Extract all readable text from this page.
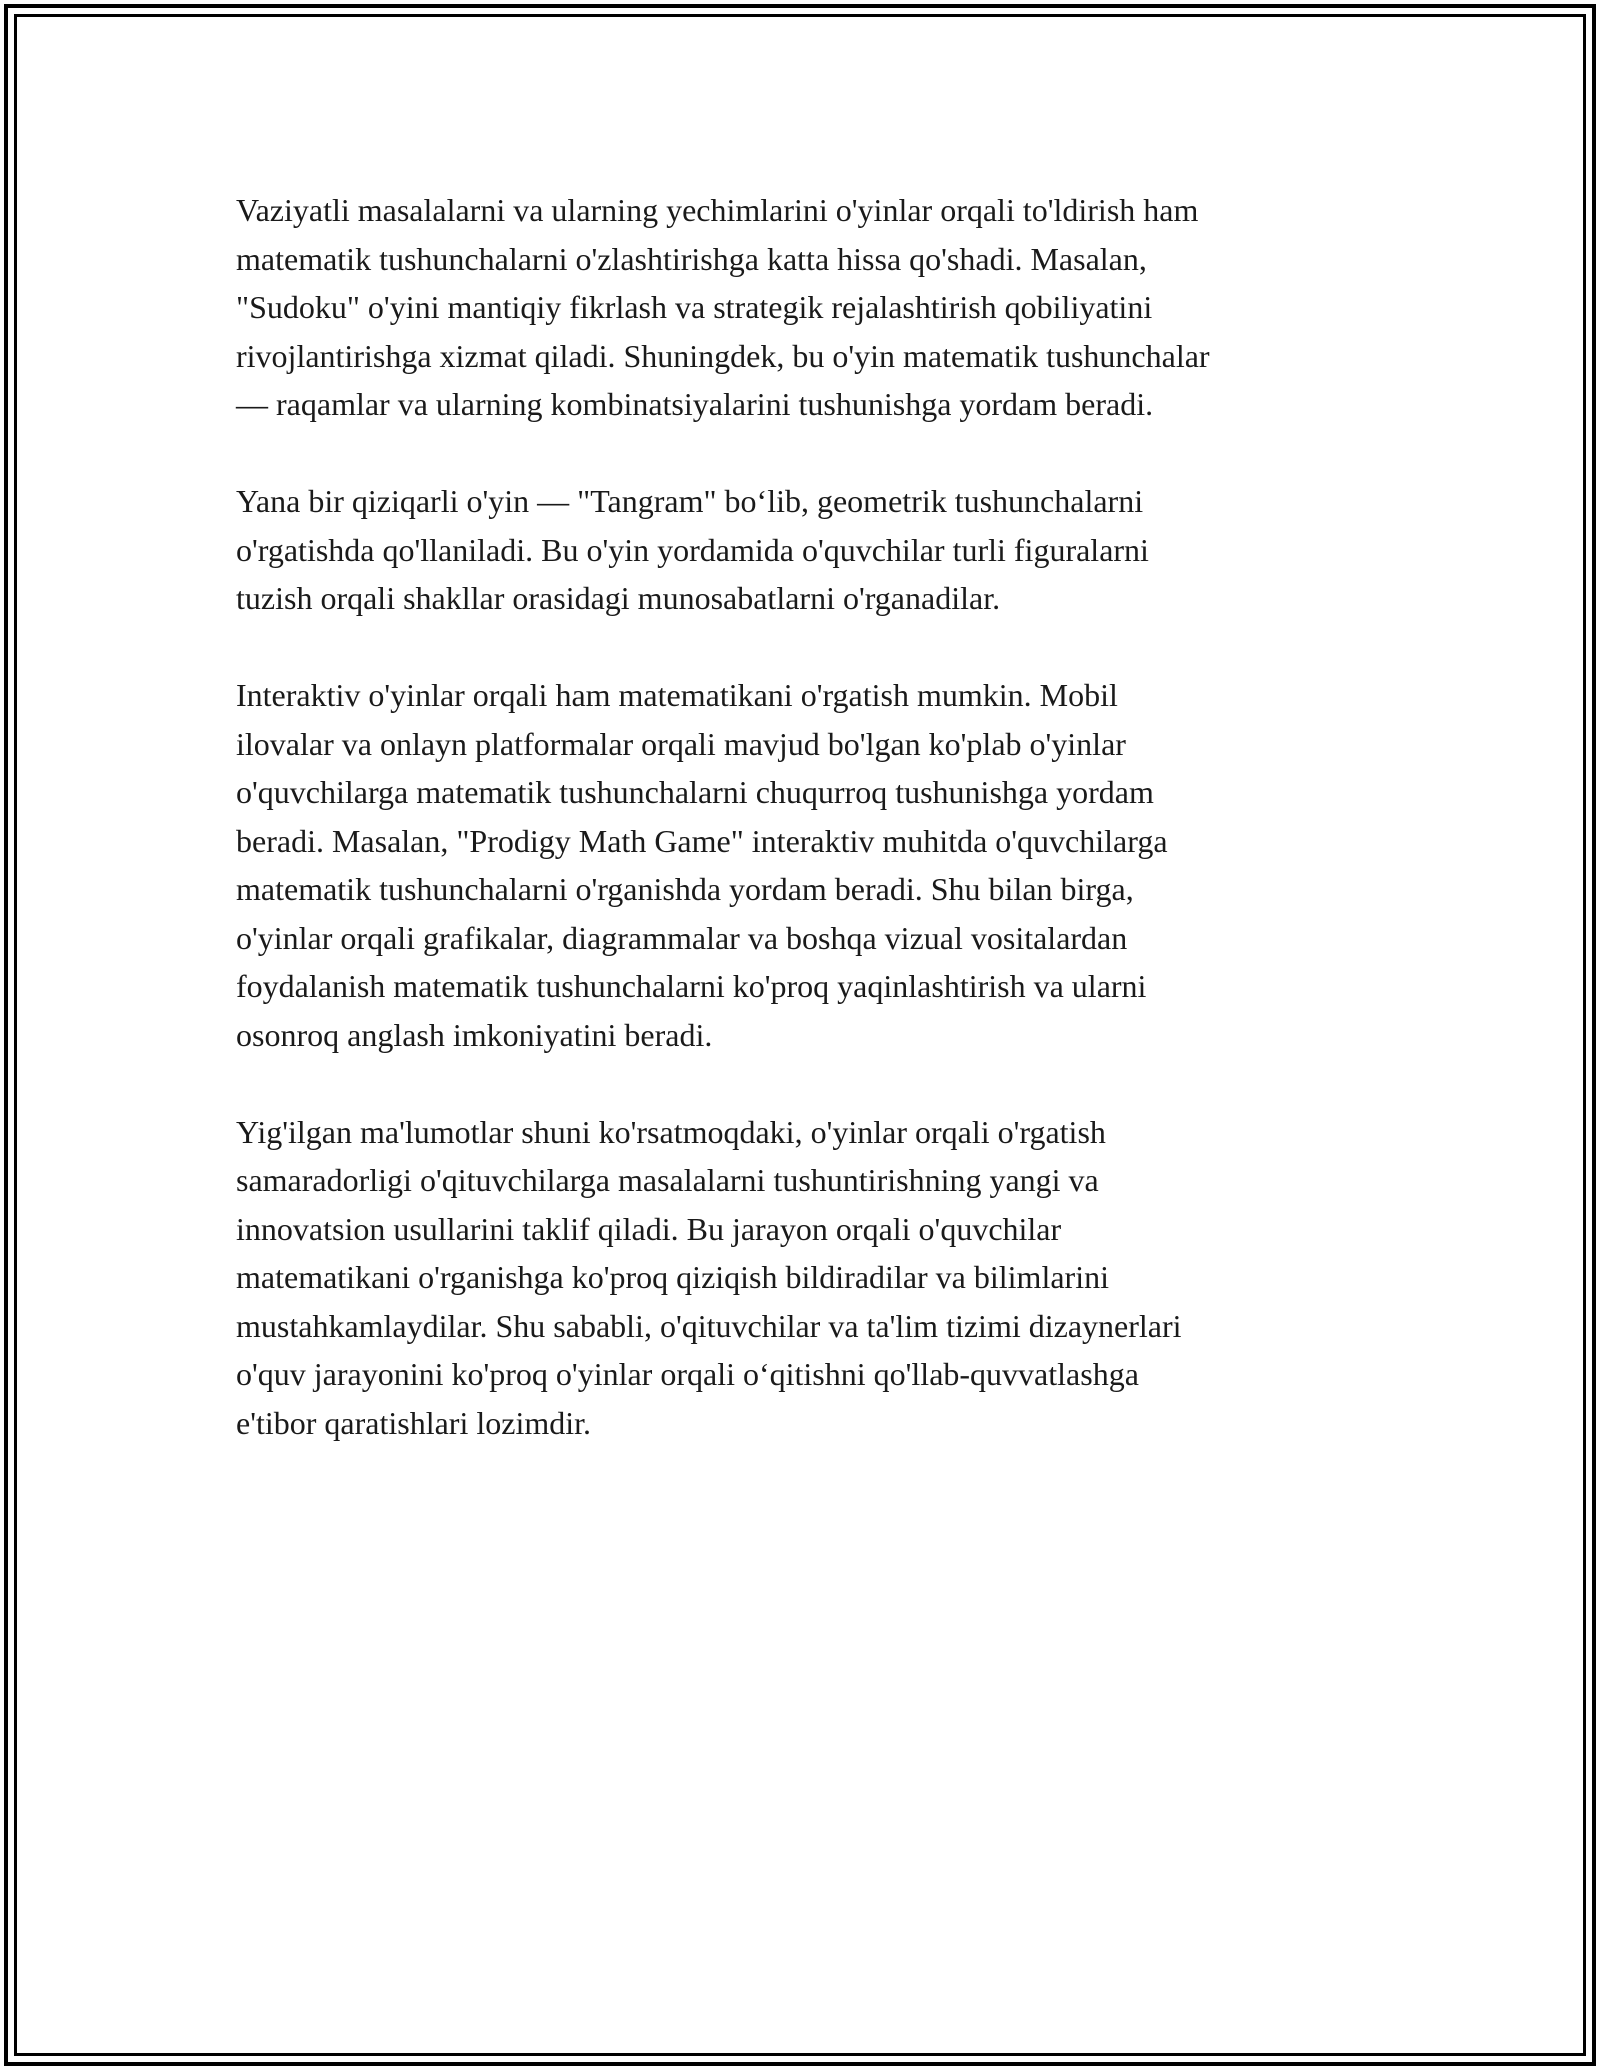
Vaziyatli masalalarni va ularning yechimlarini o'yinlar orqali to'ldirish ham
matematik tushunchalarni o'zlashtirishga katta hissa qo'shadi. Masalan,
"Sudoku" o'yini mantiqiy fikrlash va strategik rejalashtirish qobiliyatini
rivojlantirishga xizmat qiladi. Shuningdek, bu o'yin matematik tushunchalar
— raqamlar va ularning kombinatsiyalarini tushunishga yordam beradi.

Yana bir qiziqarli o'yin — "Tangram" bo‘lib, geometrik tushunchalarni
o'rgatishda qo'llaniladi. Bu o'yin yordamida o'quvchilar turli figuralarni
tuzish orqali shakllar orasidagi munosabatlarni o'rganadilar.

Interaktiv o'yinlar orqali ham matematikani o'rgatish mumkin. Mobil
ilovalar va onlayn platformalar orqali mavjud bo'lgan ko'plab o'yinlar
o'quvchilarga matematik tushunchalarni chuqurroq tushunishga yordam
beradi. Masalan, "Prodigy Math Game" interaktiv muhitda o'quvchilarga
matematik tushunchalarni o'rganishda yordam beradi. Shu bilan birga,
o'yinlar orqali grafikalar, diagrammalar va boshqa vizual vositalardan
foydalanish matematik tushunchalarni ko'proq yaqinlashtirish va ularni
osonroq anglash imkoniyatini beradi.

Yig'ilgan ma'lumotlar shuni ko'rsatmoqdaki, o'yinlar orqali o'rgatish
samaradorligi o'qituvchilarga masalalarni tushuntirishning yangi va
innovatsion usullarini taklif qiladi. Bu jarayon orqali o'quvchilar
matematikani o'rganishga ko'proq qiziqish bildiradilar va bilimlarini
mustahkamlaydilar. Shu sababli, o'qituvchilar va ta'lim tizimi dizaynerlari
o'quv jarayonini ko'proq o'yinlar orqali o‘qitishni qo'llab-quvvatlashga
e'tibor qaratishlari lozimdir.
